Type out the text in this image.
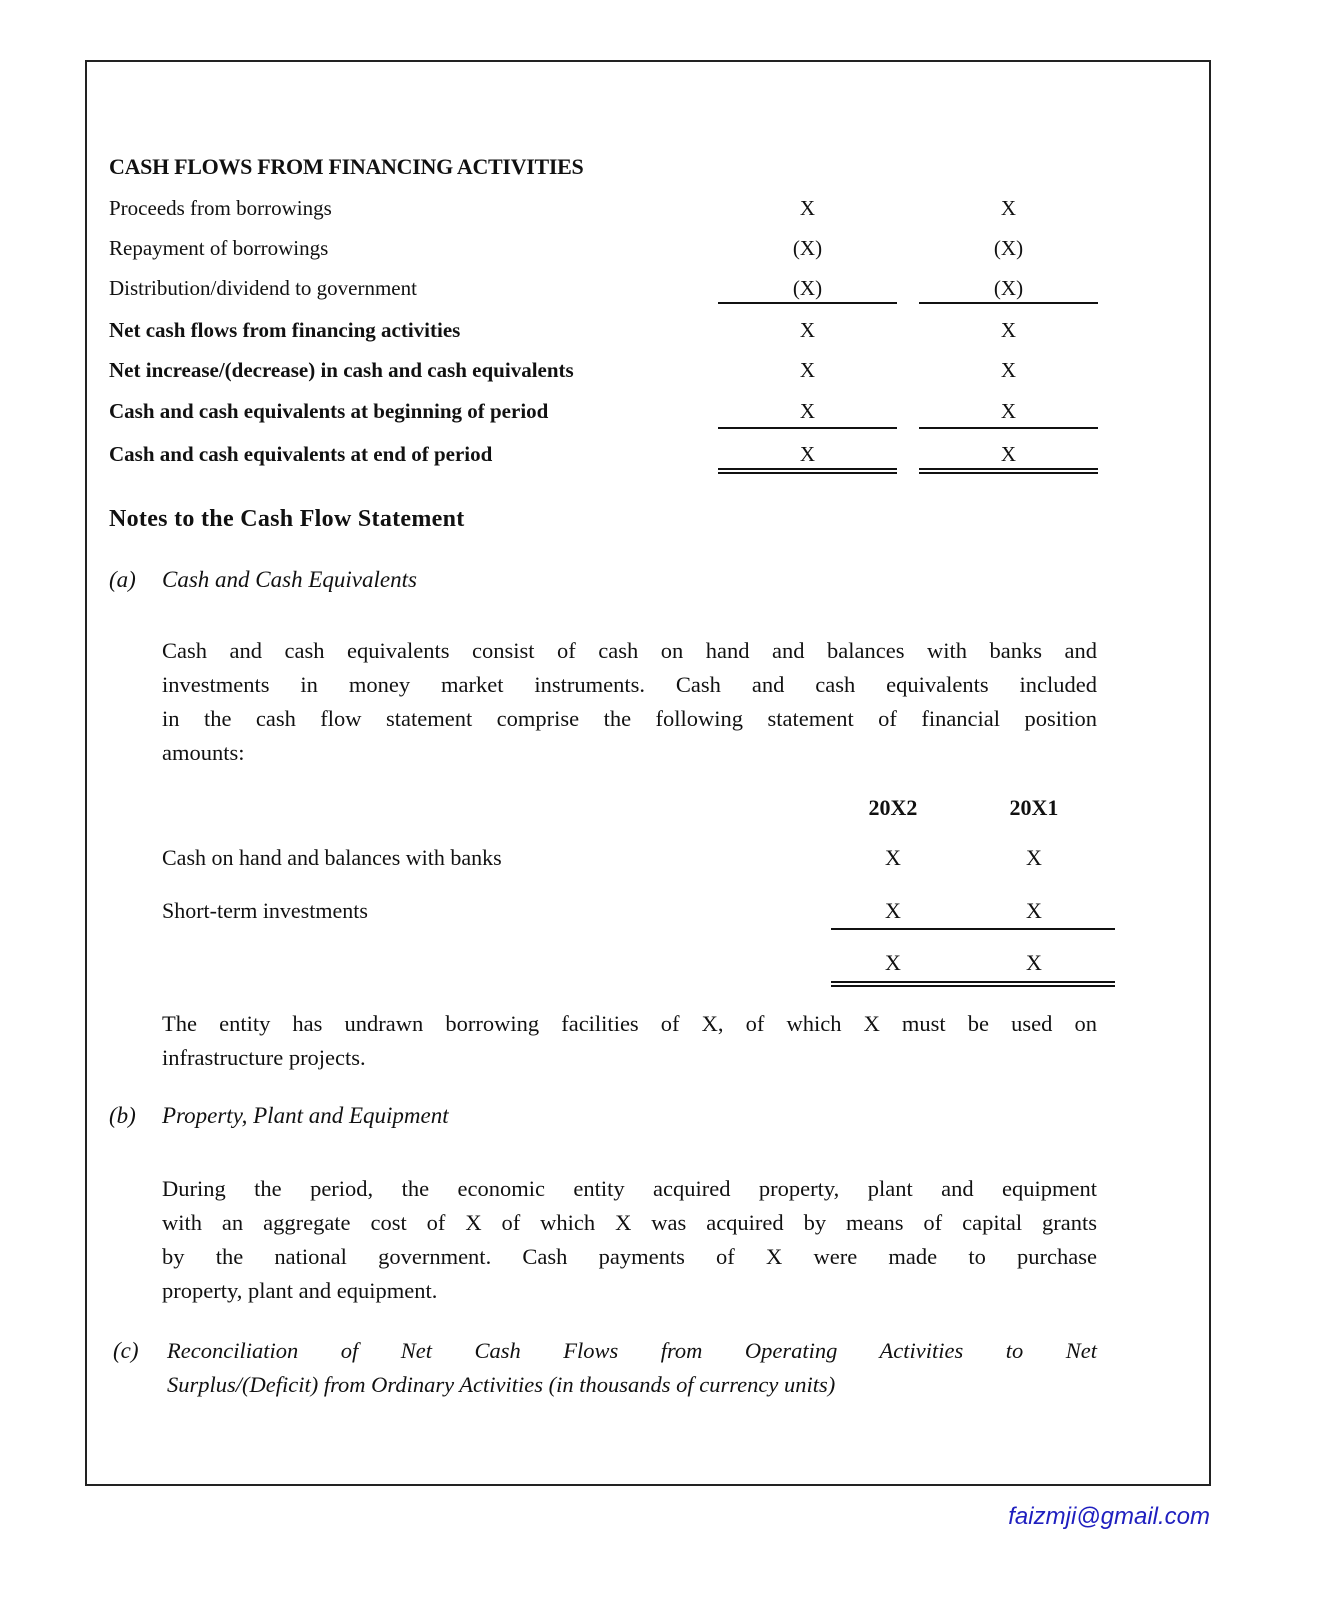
CASH FLOWS FROM FINANCING ACTIVITIES
Proceeds from borrowings	X	X
Repayment of borrowings	(X)	(X)
Distribution/dividend to government	(X)	(X)
Net cash flows from financing activities	X	X
Net increase/(decrease) in cash and cash equivalents	X	X
Cash and cash equivalents at beginning of period	X	X
Cash and cash equivalents at end of period	X	X
Notes to the Cash Flow Statement
(a) Cash and Cash Equivalents
Cash and cash equivalents consist of cash on hand and balances with banks and
investments in money market instruments. Cash and cash equivalents included
in the cash flow statement comprise the following statement of financial position
amounts:
20X2	20X1
Cash on hand and balances with banks	X	X
Short-term investments	X	X
X	X
The entity has undrawn borrowing facilities of X, of which X must be used on
infrastructure projects.
(b) Property, Plant and Equipment
During the period, the economic entity acquired property, plant and equipment
with an aggregate cost of X of which X was acquired by means of capital grants
by the national government. Cash payments of X were made to purchase
property, plant and equipment.
(c) Reconciliation of Net Cash Flows from Operating Activities to Net
Surplus/(Deficit) from Ordinary Activities (in thousands of currency units)
faizmji@gmail.com
